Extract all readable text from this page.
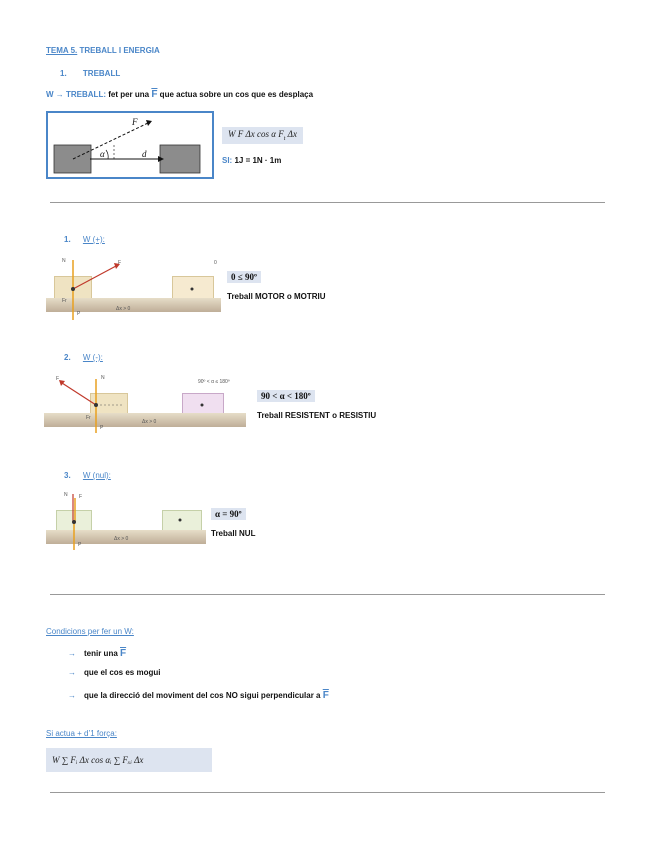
TEMA 5. TREBALL I ENERGIA
1. TREBALL
W → TREBALL: fet per una $\overline{F}$ que actua sobre un cos que es desplaça
F
α	d
W F Δx cos α $F_t$ Δx
SI: 1J = 1N · 1m
1. W (+):
N	F
P
Fr
Δx > 0
0
0 ≤ 90º
Treball MOTOR o MOTRIU
2. W (-):
N
F
P
Fr
Δx > 0
90º < α ≤ 180º
90 < α < 180º
Treball RESISTENT o RESISTIU
3. W (nul):
N F
P
Δx > 0
α = 90º
Treball NUL
Condicions per fer un W:
→ tenir una $\overline{F}$
→ que el cos es mogui
→ que la direcció del moviment del cos NO sigui perpendicular a $\overline{F}$
Si actua + d’1 força:
W ∑ Fᵢ Δx cos αᵢ ∑ Fₓᵢ Δx
